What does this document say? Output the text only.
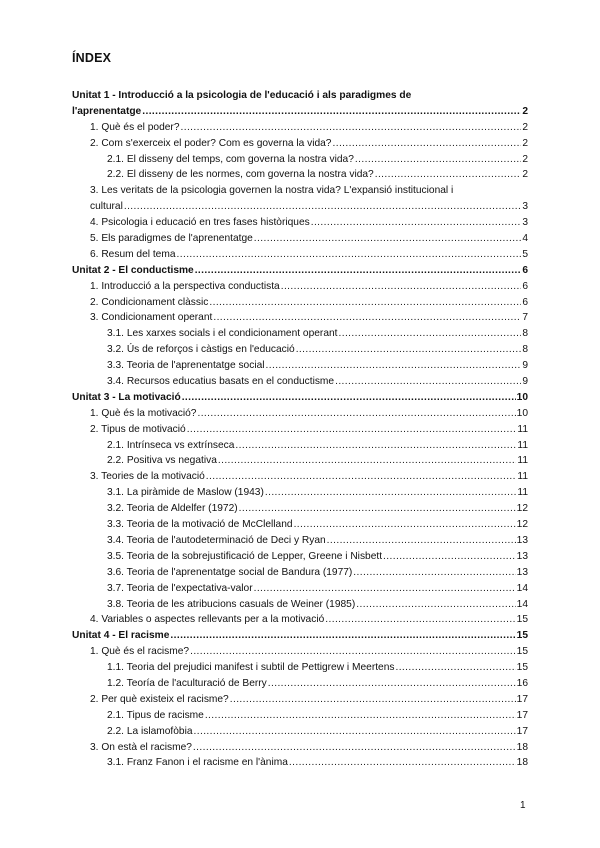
ÍNDEX
Unitat 1 - Introducció a la psicologia de l'educació i als paradigmes de
l'aprenentatge .....	2
1. Què és el poder? .....	2
2. Com s'exerceix el poder? Com es governa la vida? .....	2
2.1. El disseny del temps, com governa la nostra vida? .....	2
2.2. El disseny de les normes, com governa la nostra vida? .....	2
3. Les veritats de la psicologia governen la nostra vida? L'expansió institucional i
cultural .....	3
4. Psicologia i educació en tres fases històriques .....	3
5. Els paradigmes de l'aprenentatge .....	4
6. Resum del tema .....	5
Unitat 2 - El conductisme .....	6
1. Introducció a la perspectiva conductista .....	6
2. Condicionament clàssic .....	6
3. Condicionament operant .....	7
3.1. Les xarxes socials i el condicionament operant .....	8
3.2. Ús de reforços i càstigs en l'educació .....	8
3.3. Teoria de l'aprenentatge social .....	9
3.4. Recursos educatius basats en el conductisme .....	9
Unitat 3 - La motivació .....	10
1. Què és la motivació? .....	10
2. Tipus de motivació .....	11
2.1. Intrínseca vs extrínseca .....	11
2.2. Positiva vs negativa .....	11
3. Teories de la motivació .....	11
3.1. La piràmide de Maslow (1943) .....	11
3.2. Teoria de Aldelfer (1972) .....	12
3.3. Teoria de la motivació de McClelland .....	12
3.4. Teoria de l'autodeterminació de Deci y Ryan .....	13
3.5. Teoria de la sobrejustificació de Lepper, Greene i Nisbett .....	13
3.6. Teoria de l'aprenentatge social de Bandura (1977) .....	13
3.7. Teoria de l'expectativa-valor .....	14
3.8. Teoria de les atribucions casuals de Weiner (1985) .....	14
4. Variables o aspectes rellevants per a la motivació .....	15
Unitat 4 - El racisme .....	15
1. Què és el racisme? .....	15
1.1. Teoria del prejudici manifest i subtil de Pettigrew i Meertens .....	15
1.2. Teoría de l'aculturació de Berry .....	16
2. Per què existeix el racisme? .....	17
2.1. Tipus de racisme .....	17
2.2. La islamofòbia .....	17
3. On està el racisme? .....	18
3.1. Franz Fanon i el racisme en l'ànima .....	18
1
